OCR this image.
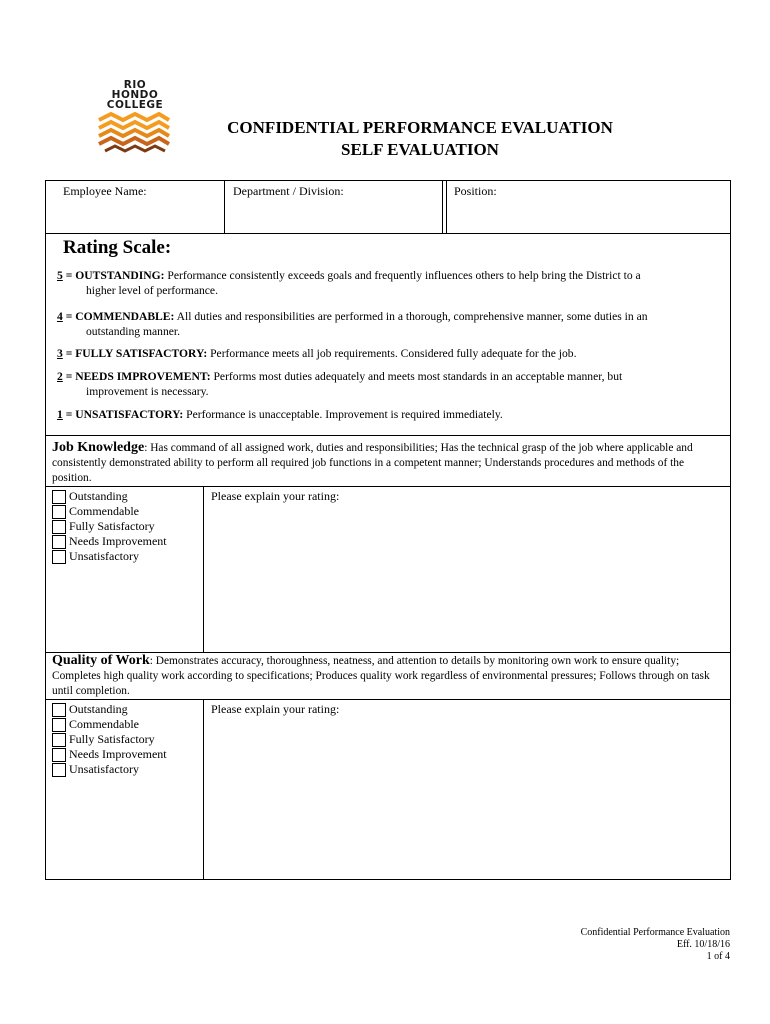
RIO
HONDO
COLLEGE
CONFIDENTIAL PERFORMANCE EVALUATION
SELF EVALUATION
Employee Name:	Department / Division:	Position:
Rating Scale:
5 = OUTSTANDING: Performance consistently exceeds goals and frequently influences others to help bring the District to a
higher level of performance.
4 = COMMENDABLE: All duties and responsibilities are performed in a thorough, comprehensive manner, some duties in an
outstanding manner.
3 = FULLY SATISFACTORY: Performance meets all job requirements. Considered fully adequate for the job.
2 = NEEDS IMPROVEMENT: Performs most duties adequately and meets most standards in an acceptable manner, but
improvement is necessary.
1 = UNSATISFACTORY: Performance is unacceptable. Improvement is required immediately.
Job Knowledge: Has command of all assigned work, duties and responsibilities; Has the technical grasp of the job where applicable and consistently demonstrated ability to perform all required job functions in a competent manner; Understands procedures and methods of the position.
Outstanding
Commendable
Fully Satisfactory
Needs Improvement
Unsatisfactory
Please explain your rating:
Quality of Work: Demonstrates accuracy, thoroughness, neatness, and attention to details by monitoring own work to ensure quality; Completes high quality work according to specifications; Produces quality work regardless of environmental pressures; Follows through on task until completion.
Outstanding
Commendable
Fully Satisfactory
Needs Improvement
Unsatisfactory
Please explain your rating:
Confidential Performance Evaluation
Eff. 10/18/16
1 of 4
